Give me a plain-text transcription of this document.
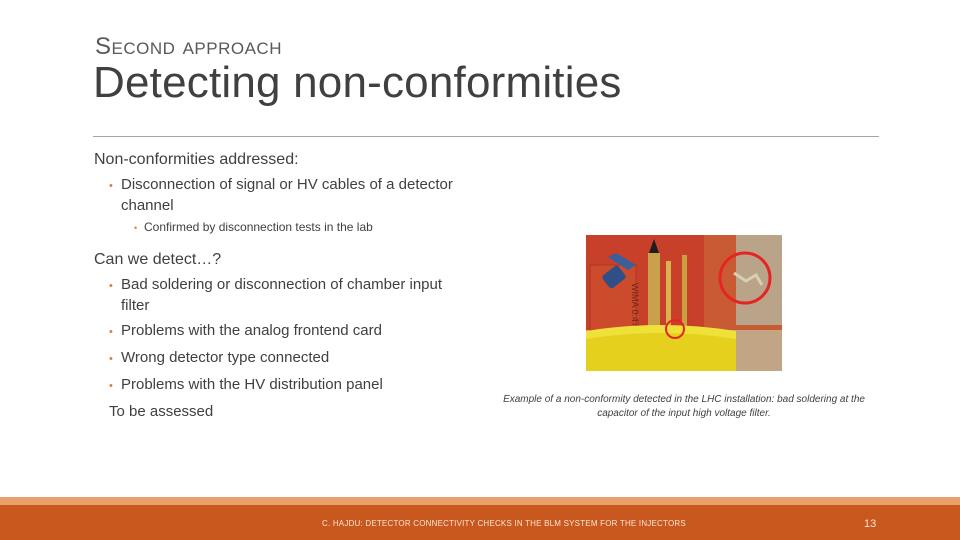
Second approach
Detecting non-conformities

Non-conformities addressed:

• Disconnection of signal or HV cables of a detector channel

• Confirmed by disconnection tests in the lab

Can we detect…?

• Bad soldering or disconnection of chamber input filter

• Problems with the analog frontend card

• Wrong detector type connected

• Problems with the HV distribution panel

To be assessed

Example of a non-conformity detected in the LHC installation: bad soldering at the capacitor of the input high voltage filter.
C. HAJDU: DETECTOR CONNECTIVITY CHECKS IN THE BLM SYSTEM FOR THE INJECTORS	13
